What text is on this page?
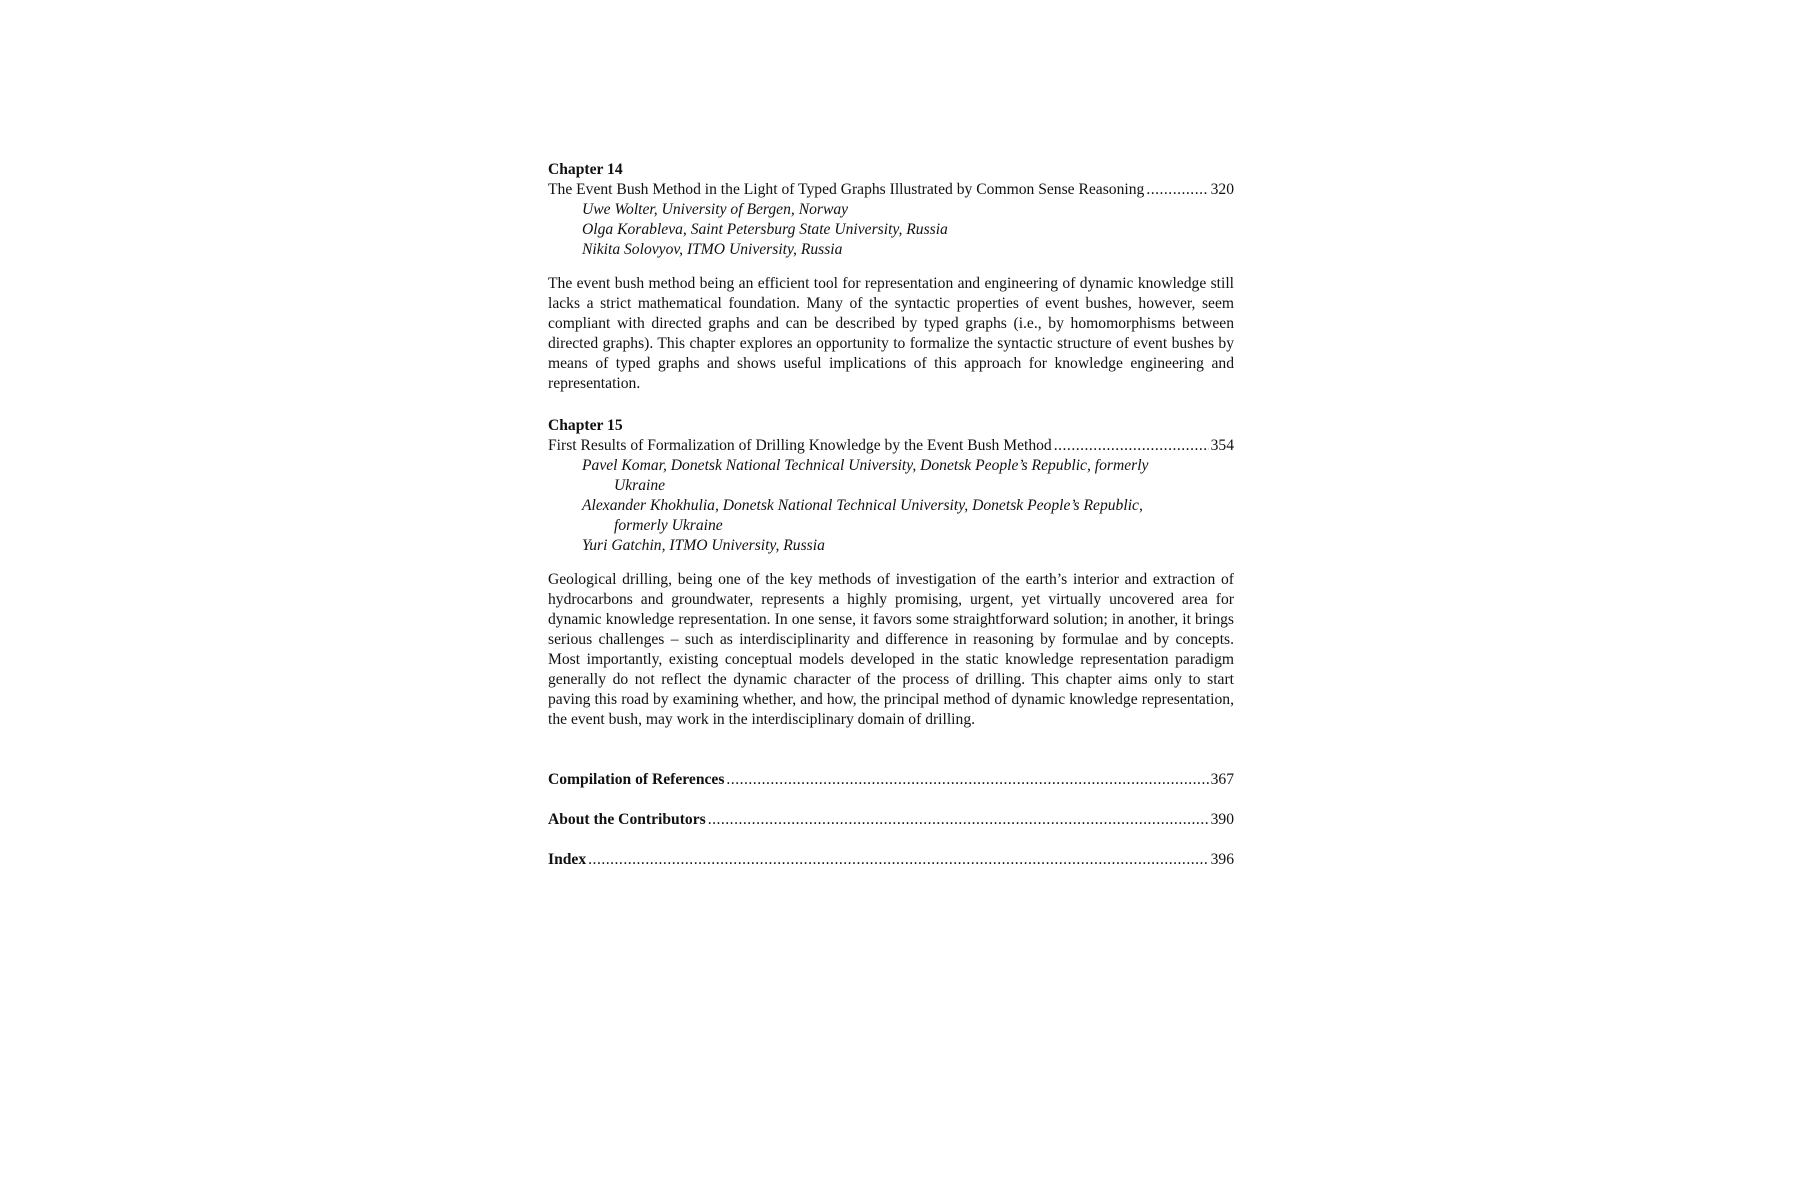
Chapter 14

The Event Bush Method in the Light of Typed Graphs Illustrated by Common Sense Reasoning .....	320
Uwe Wolter, University of Bergen, Norway
Olga Korableva, Saint Petersburg State University, Russia
Nikita Solovyov, ITMO University, Russia

The event bush method being an efficient tool for representation and engineering of dynamic knowledge still lacks a strict mathematical foundation. Many of the syntactic properties of event bushes, however, seem compliant with directed graphs and can be described by typed graphs (i.e., by homomorphisms between directed graphs). This chapter explores an opportunity to formalize the syntactic structure of event bushes by means of typed graphs and shows useful implications of this approach for knowledge engineering and representation.

Chapter 15

First Results of Formalization of Drilling Knowledge by the Event Bush Method .....	354
Pavel Komar, Donetsk National Technical University, Donetsk People’s Republic, formerly Ukraine
Alexander Khokhulia, Donetsk National Technical University, Donetsk People’s Republic, formerly Ukraine
Yuri Gatchin, ITMO University, Russia

Geological drilling, being one of the key methods of investigation of the earth’s interior and extraction of hydrocarbons and groundwater, represents a highly promising, urgent, yet virtually uncovered area for dynamic knowledge representation. In one sense, it favors some straightforward solution; in another, it brings serious challenges – such as interdisciplinarity and difference in reasoning by formulae and by concepts. Most importantly, existing conceptual models developed in the static knowledge representation paradigm generally do not reflect the dynamic character of the process of drilling. This chapter aims only to start paving this road by examining whether, and how, the principal method of dynamic knowledge representation, the event bush, may work in the interdisciplinary domain of drilling.

Compilation of References .....	367
About the Contributors .....	390
Index .....	396
